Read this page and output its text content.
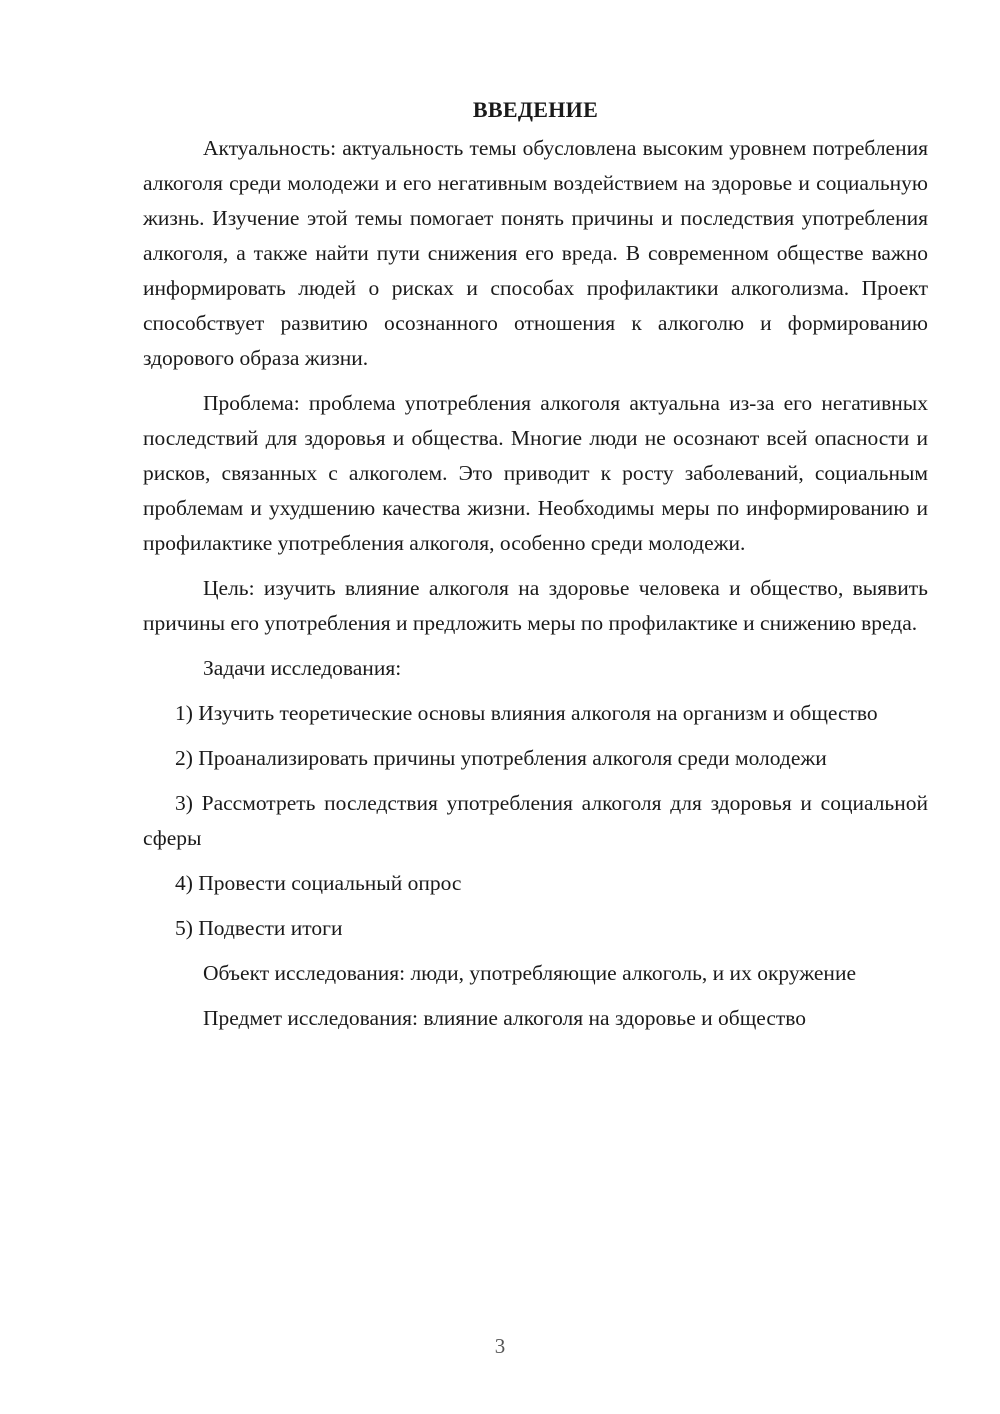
ВВЕДЕНИЕ

Актуальность: актуальность темы обусловлена высоким уровнем потребления алкоголя среди молодежи и его негативным воздействием на здоровье и социальную жизнь. Изучение этой темы помогает понять причины и последствия употребления алкоголя, а также найти пути снижения его вреда. В современном обществе важно информировать людей о рисках и способах профилактики алкоголизма. Проект способствует развитию осознанного отношения к алкоголю и формированию здорового образа жизни.

Проблема: проблема употребления алкоголя актуальна из-за его негативных последствий для здоровья и общества. Многие люди не осознают всей опасности и рисков, связанных с алкоголем. Это приводит к росту заболеваний, социальным проблемам и ухудшению качества жизни. Необходимы меры по информированию и профилактике употребления алкоголя, особенно среди молодежи.

Цель: изучить влияние алкоголя на здоровье человека и общество, выявить причины его употребления и предложить меры по профилактике и снижению вреда.

Задачи исследования:

1) Изучить теоретические основы влияния алкоголя на организм и общество

2) Проанализировать причины употребления алкоголя среди молодежи

3) Рассмотреть последствия употребления алкоголя для здоровья и социальной сферы

4) Провести социальный опрос

5) Подвести итоги

Объект исследования: люди, употребляющие алкоголь, и их окружение

Предмет исследования: влияние алкоголя на здоровье и общество

3
